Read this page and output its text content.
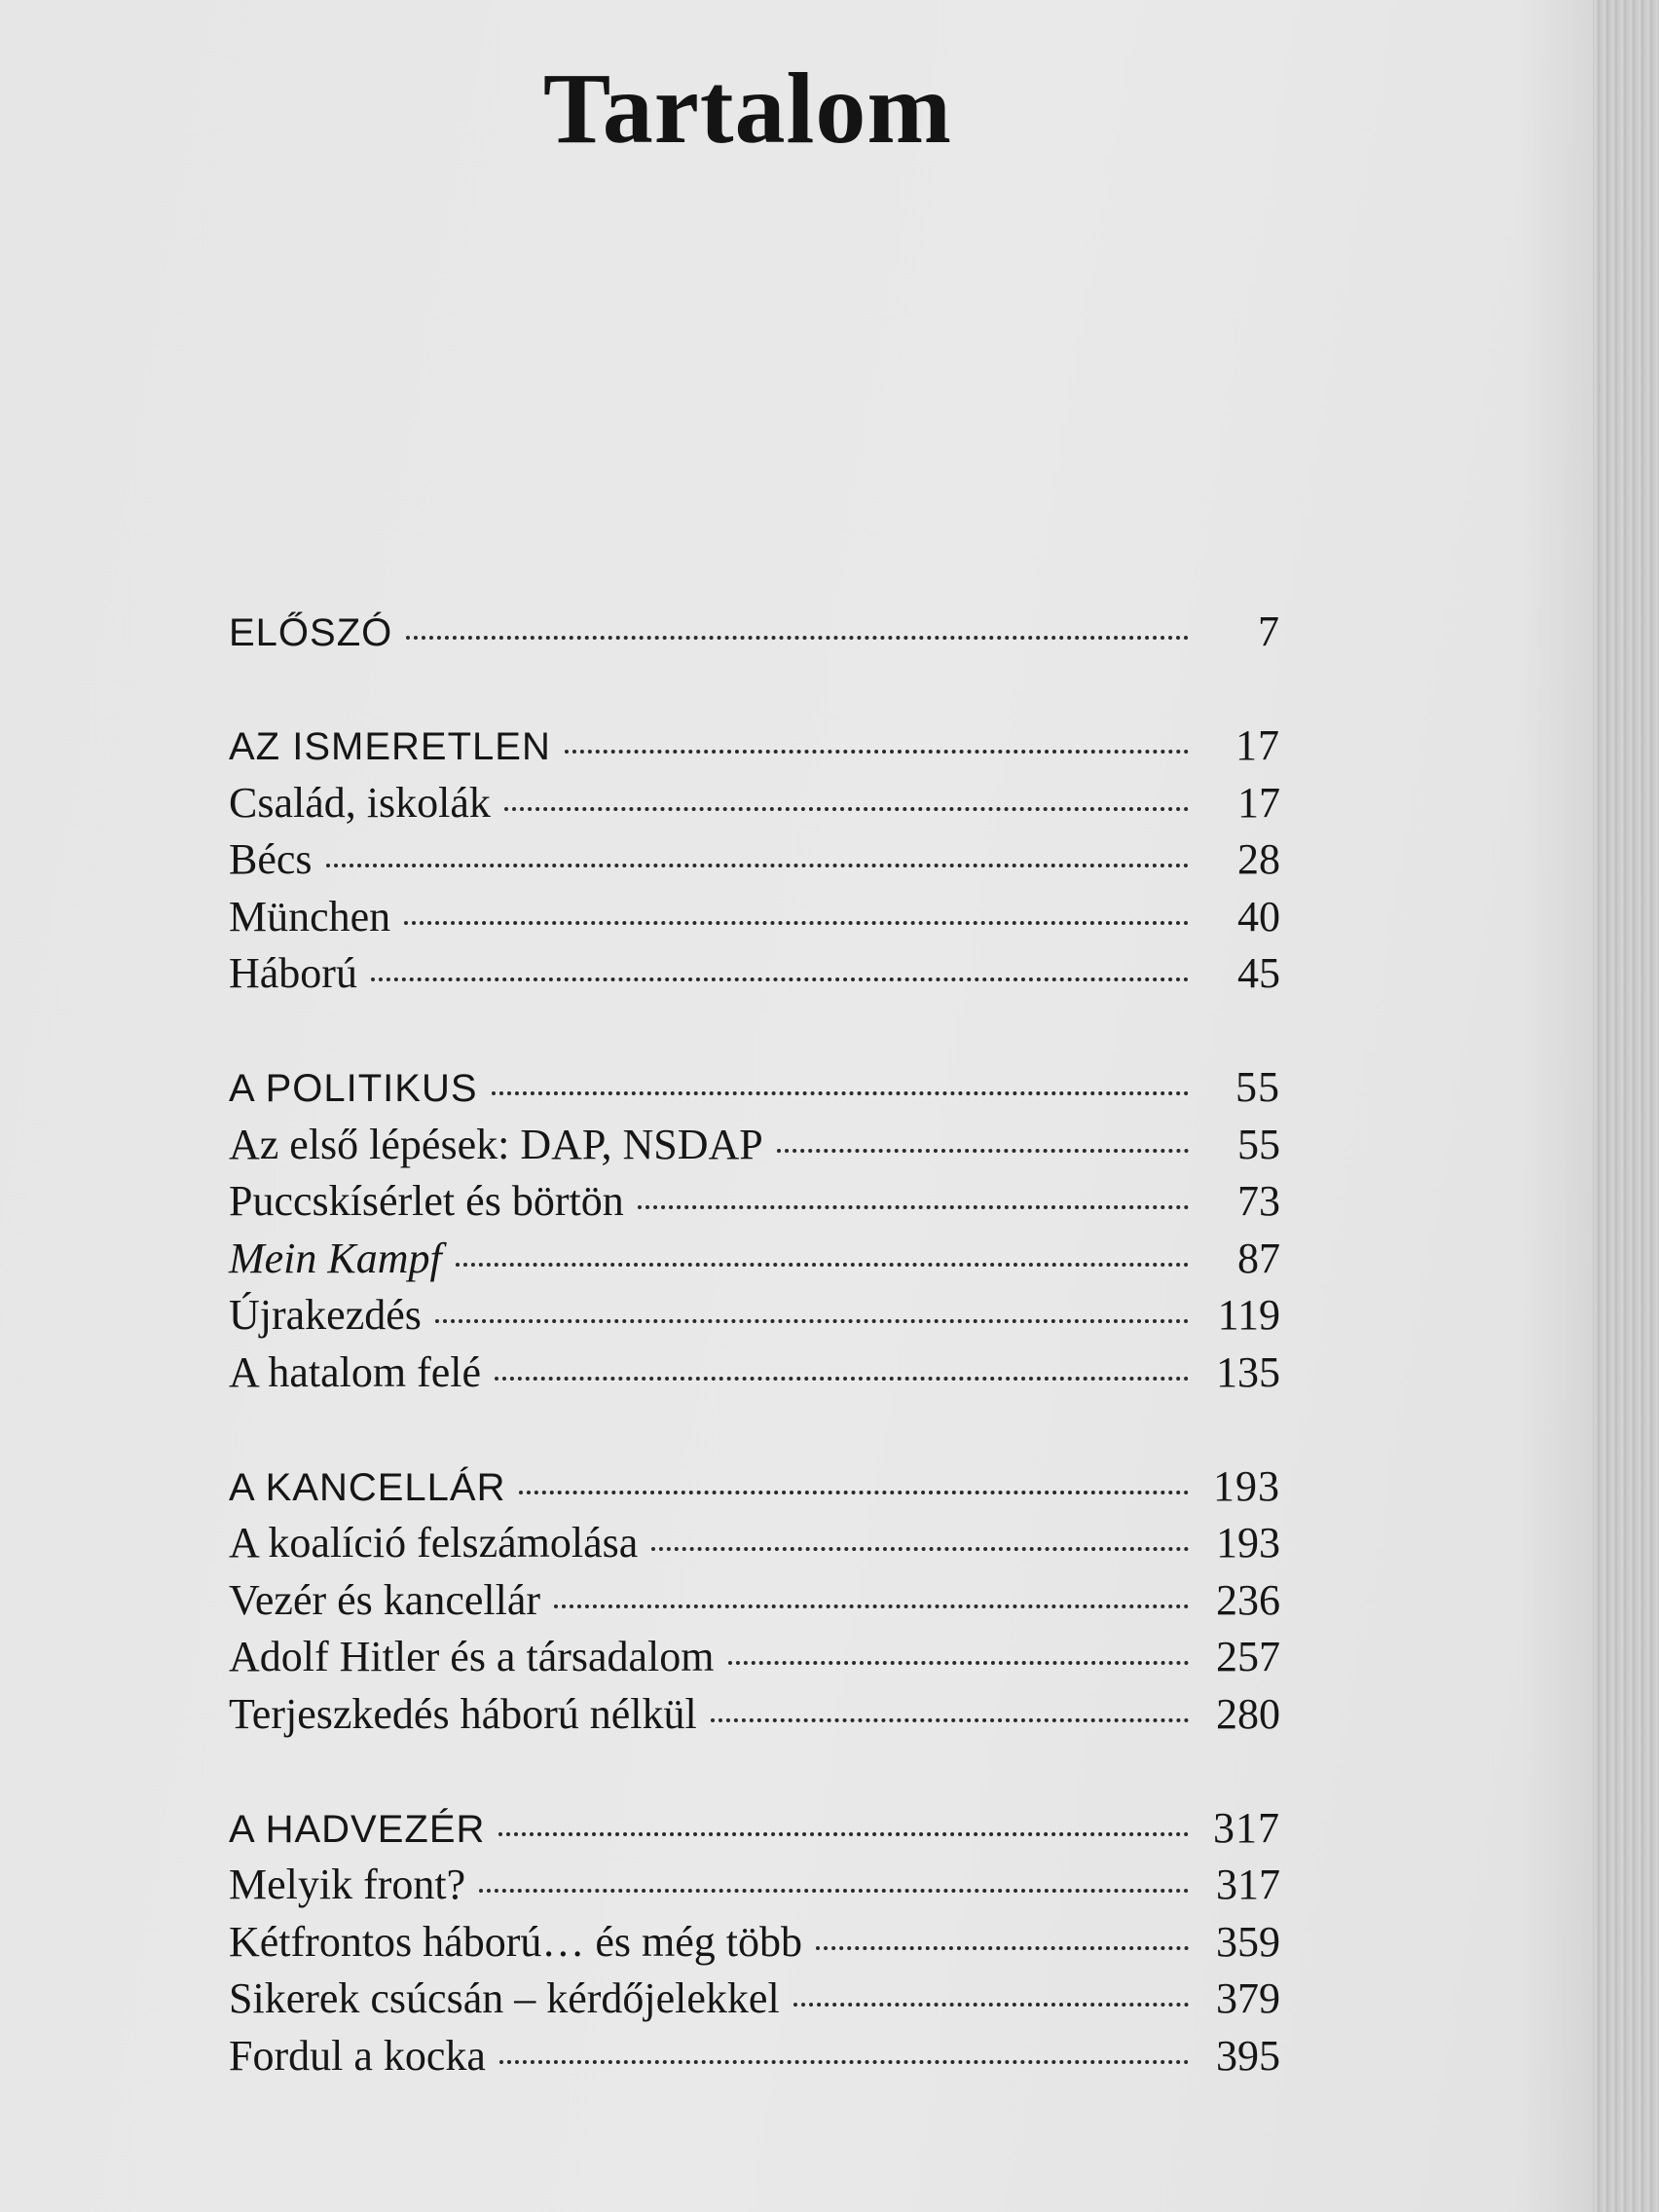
Tartalom
ELŐSZÓ	7
AZ ISMERETLEN	17
Család, iskolák	17
Bécs	28
München	40
Háború	45
A POLITIKUS	55
Az első lépések: DAP, NSDAP	55
Puccskísérlet és börtön	73
Mein Kampf	87
Újrakezdés	119
A hatalom felé	135
A KANCELLÁR	193
A koalíció felszámolása	193
Vezér és kancellár	236
Adolf Hitler és a társadalom	257
Terjeszkedés háború nélkül	280
A HADVEZÉR	317
Melyik front?	317
Kétfrontos háború… és még több	359
Sikerek csúcsán – kérdőjelekkel	379
Fordul a kocka	395
